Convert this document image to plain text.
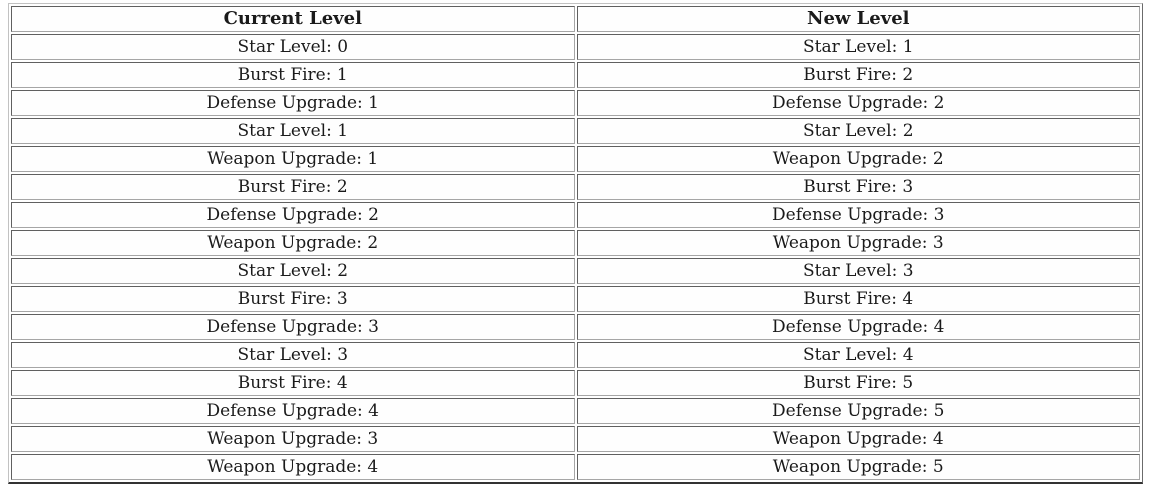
Current Level	New Level
Star Level: 0	Star Level: 1
Burst Fire: 1	Burst Fire: 2
Defense Upgrade: 1	Defense Upgrade: 2
Star Level: 1	Star Level: 2
Weapon Upgrade: 1	Weapon Upgrade: 2
Burst Fire: 2	Burst Fire: 3
Defense Upgrade: 2	Defense Upgrade: 3
Weapon Upgrade: 2	Weapon Upgrade: 3
Star Level: 2	Star Level: 3
Burst Fire: 3	Burst Fire: 4
Defense Upgrade: 3	Defense Upgrade: 4
Star Level: 3	Star Level: 4
Burst Fire: 4	Burst Fire: 5
Defense Upgrade: 4	Defense Upgrade: 5
Weapon Upgrade: 3	Weapon Upgrade: 4
Weapon Upgrade: 4	Weapon Upgrade: 5
